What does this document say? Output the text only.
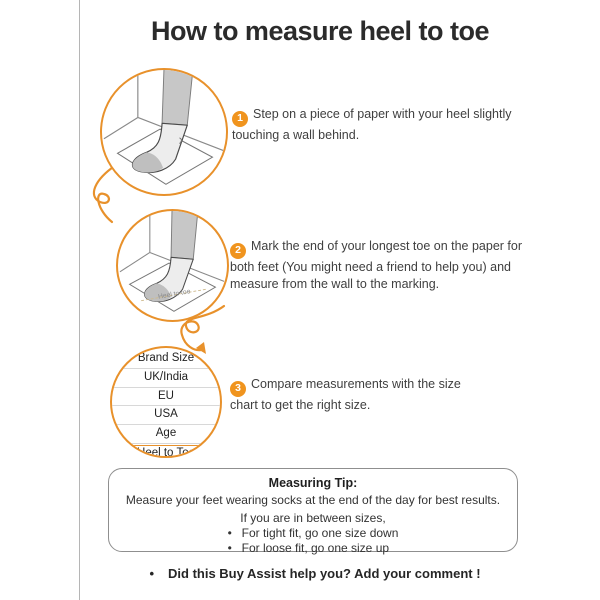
How to measure heel to toe
Heel to toe
Brand Size
UK/India
EU
USA
Age
Heel to Toe
1 Step on a piece of paper with your heel slightly touching a wall behind.
2 Mark the end of your longest toe on the paper for both feet (You might need a friend to help you) and measure from the wall to the marking.
3 Compare measurements with the size chart to get the right size.
Measuring Tip:
Measure your feet wearing socks at the end of the day for best results.
If you are in between sizes,
• For tight fit, go one size down
• For loose fit, go one size up
• Did this Buy Assist help you? Add your comment !
